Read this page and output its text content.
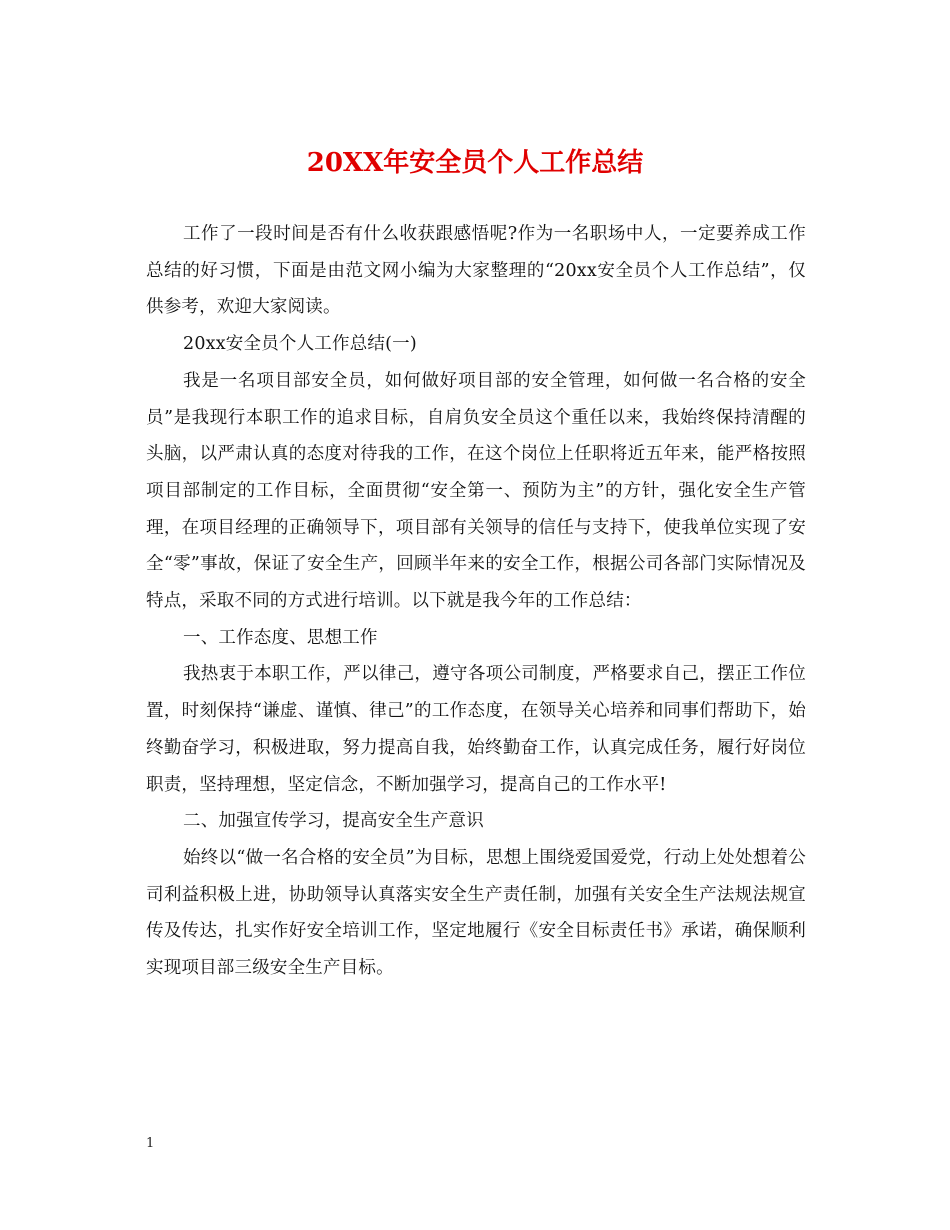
20XX年安全员个人工作总结

工作了一段时间是否有什么收获跟感悟呢?作为一名职场中人，一定要养成工作总结的好习惯，下面是由范文网小编为大家整理的“20xx安全员个人工作总结”，仅供参考，欢迎大家阅读。

20xx安全员个人工作总结(一)

我是一名项目部安全员，如何做好项目部的安全管理，如何做一名合格的安全员”是我现行本职工作的追求目标，自肩负安全员这个重任以来，我始终保持清醒的头脑，以严肃认真的态度对待我的工作，在这个岗位上任职将近五年来，能严格按照项目部制定的工作目标，全面贯彻“安全第一、预防为主”的方针，强化安全生产管理，在项目经理的正确领导下，项目部有关领导的信任与支持下，使我单位实现了安全“零”事故，保证了安全生产，回顾半年来的安全工作，根据公司各部门实际情况及特点，采取不同的方式进行培训。以下就是我今年的工作总结：

一、工作态度、思想工作

我热衷于本职工作，严以律己，遵守各项公司制度，严格要求自己，摆正工作位置，时刻保持“谦虚、谨慎、律己”的工作态度，在领导关心培养和同事们帮助下，始终勤奋学习，积极进取，努力提高自我，始终勤奋工作，认真完成任务，履行好岗位职责，坚持理想，坚定信念，不断加强学习，提高自己的工作水平!

二、加强宣传学习，提高安全生产意识

始终以“做一名合格的安全员”为目标，思想上围绕爱国爱党，行动上处处想着公司利益积极上进，协助领导认真落实安全生产责任制，加强有关安全生产法规法规宣传及传达，扎实作好安全培训工作，坚定地履行《安全目标责任书》承诺，确保顺利实现项目部三级安全生产目标。

1
